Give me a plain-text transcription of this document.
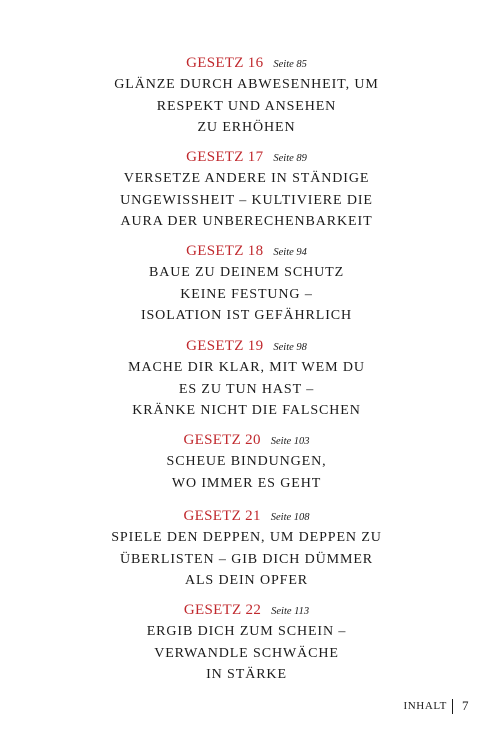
GESETZ 16 Seite 85
GLÄNZE DURCH ABWESENHEIT, UM
RESPEKT UND ANSEHEN
ZU ERHÖHEN
GESETZ 17 Seite 89
VERSETZE ANDERE IN STÄNDIGE
UNGEWISSHEIT – KULTIVIERE DIE
AURA DER UNBERECHENBARKEIT
GESETZ 18 Seite 94
BAUE ZU DEINEM SCHUTZ
KEINE FESTUNG –
ISOLATION IST GEFÄHRLICH
GESETZ 19 Seite 98
MACHE DIR KLAR, MIT WEM DU
ES ZU TUN HAST –
KRÄNKE NICHT DIE FALSCHEN
GESETZ 20 Seite 103
SCHEUE BINDUNGEN,
WO IMMER ES GEHT
GESETZ 21 Seite 108
SPIELE DEN DEPPEN, UM DEPPEN ZU
ÜBERLISTEN – GIB DICH DÜMMER
ALS DEIN OPFER
GESETZ 22 Seite 113
ERGIB DICH ZUM SCHEIN –
VERWANDLE SCHWÄCHE
IN STÄRKE
INHALT 7
